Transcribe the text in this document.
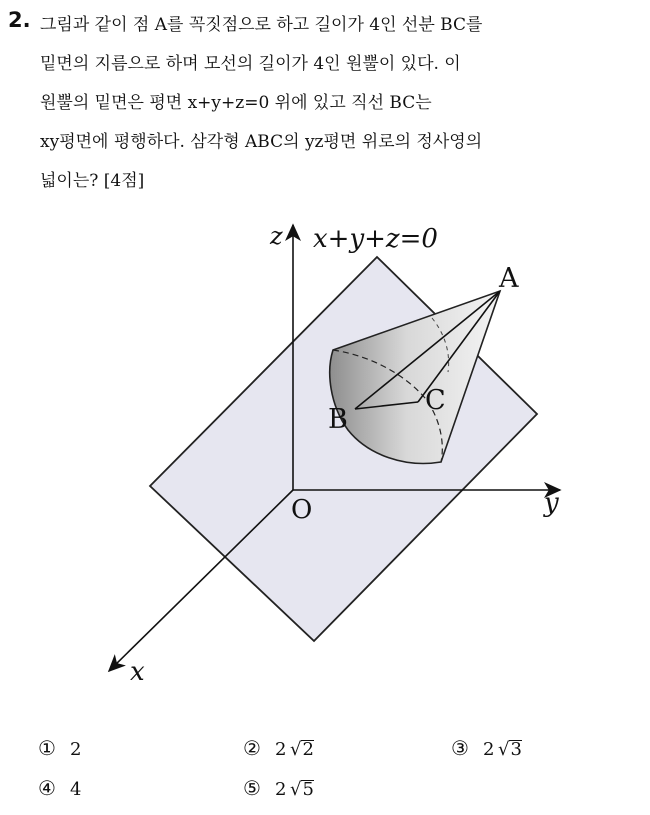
2. 그림과 같이 점 A를 꼭짓점으로 하고 길이가 4인 선분 BC를
밑면의 지름으로 하며 모선의 길이가 4인 원뿔이 있다. 이
원뿔의 밑면은 평면 x+y+z=0 위에 있고 직선 BC는
xy평면에 평행하다. 삼각형 ABC의 yz평면 위로의 정사영의
넓이는? [4점]
z x+y+z=0
A
B
C
O	y
x
① 2	② 2 √2	③ 2 √3
④ 4	⑤ 2 √5
